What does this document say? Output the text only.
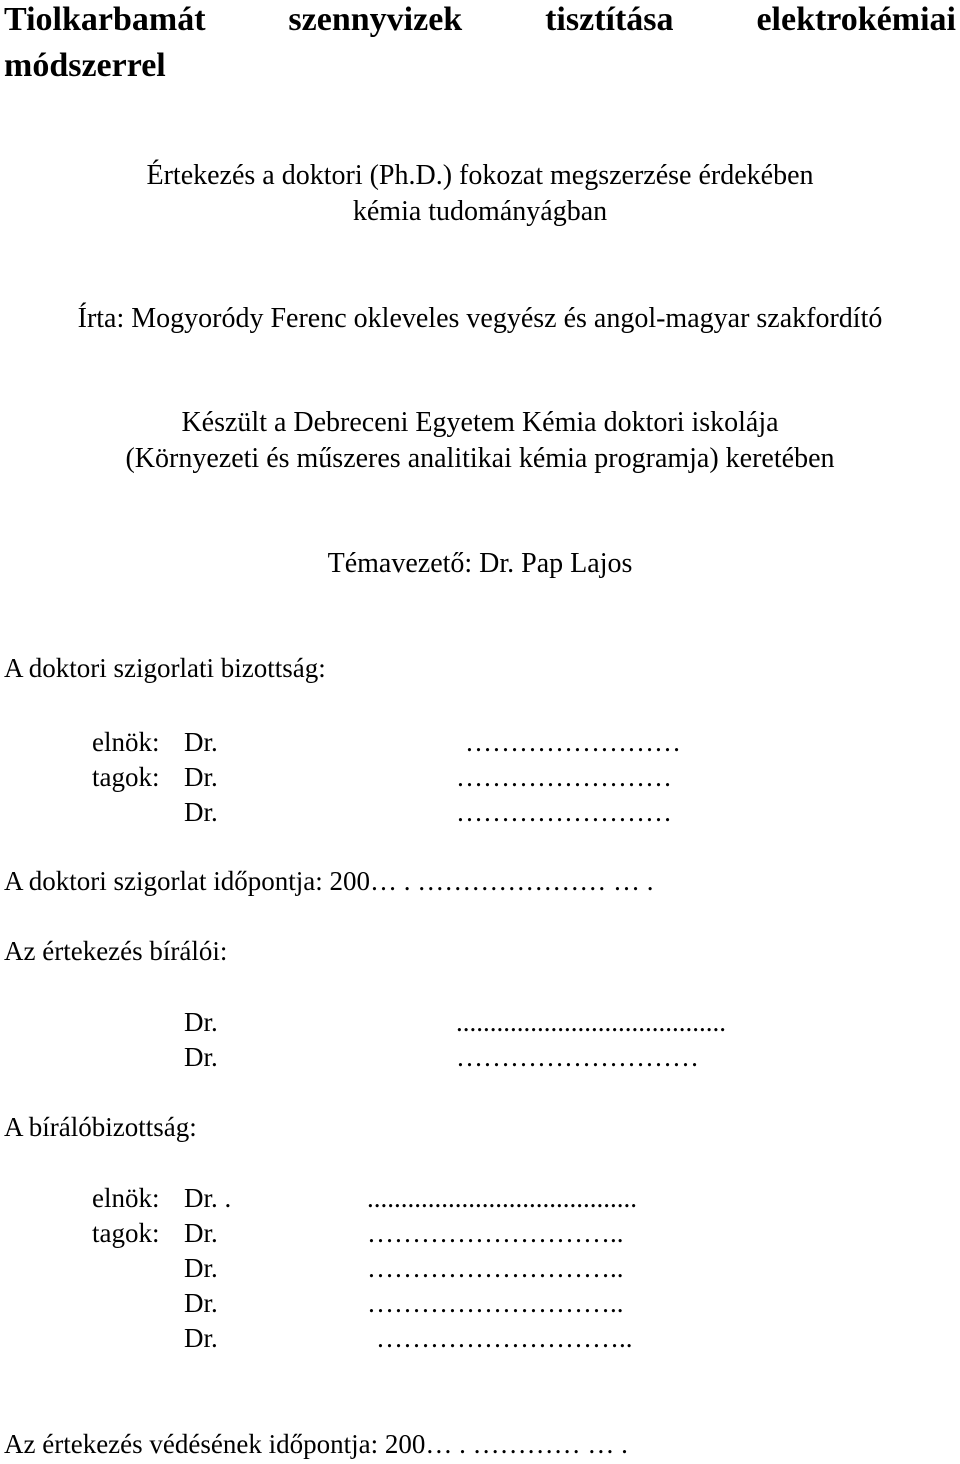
Tiolkarbamát szennyvizek tisztítása elektrokémiai
módszerrel
Értekezés a doktori (Ph.D.) fokozat megszerzése érdekében
kémia tudományágban
Írta: Mogyoródy Ferenc okleveles vegyész és angol-magyar szakfordító
Készült a Debreceni Egyetem Kémia doktori iskolája
(Környezeti és műszeres analitikai kémia programja) keretében
Témavezető: Dr. Pap Lajos
A doktori szigorlati bizottság:
elnök: Dr.	……………………
tagok: Dr.	……………………
Dr.	……………………
A doktori szigorlat időpontja: 200… . ………………… … .
Az értekezés bírálói:
Dr.	........................................
Dr.	………………………
A bírálóbizottság:
elnök: Dr. .	........................................
tagok: Dr.	………………………..
Dr.	………………………..
Dr.	………………………..
Dr.	………………………..
Az értekezés védésének időpontja: 200… . ………… … .
